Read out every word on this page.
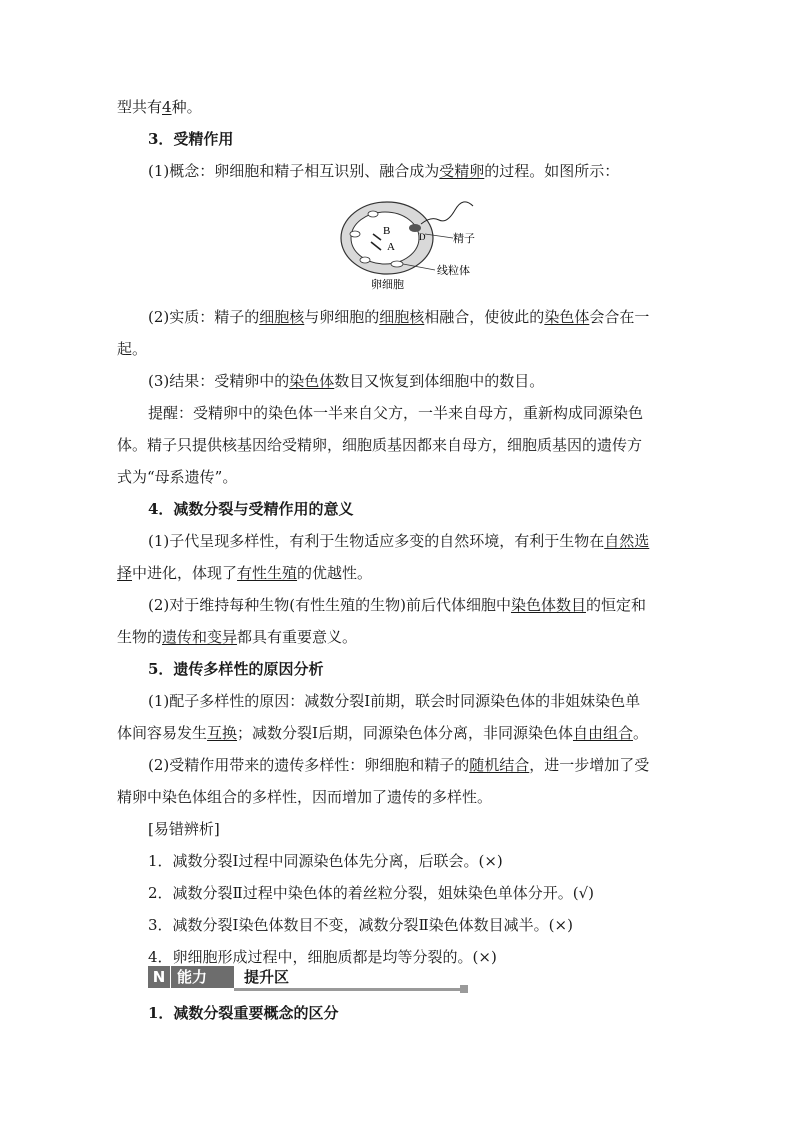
型共有4种。
3．受精作用
(1)概念：卵细胞和精子相互识别、融合成为受精卵的过程。如图所示：
B
A
D	精子
线粒体
卵细胞
(2)实质：精子的细胞核与卵细胞的细胞核相融合，使彼此的染色体会合在一
起。
(3)结果：受精卵中的染色体数目又恢复到体细胞中的数目。
提醒：受精卵中的染色体一半来自父方，一半来自母方，重新构成同源染色
体。精子只提供核基因给受精卵，细胞质基因都来自母方，细胞质基因的遗传方
式为“母系遗传”。
4．减数分裂与受精作用的意义
(1)子代呈现多样性，有利于生物适应多变的自然环境，有利于生物在自然选
择中进化，体现了有性生殖的优越性。
(2)对于维持每种生物(有性生殖的生物)前后代体细胞中染色体数目的恒定和
生物的遗传和变异都具有重要意义。
5．遗传多样性的原因分析
(1)配子多样性的原因：减数分裂Ⅰ前期，联会时同源染色体的非姐妹染色单
体间容易发生互换；减数分裂Ⅰ后期，同源染色体分离，非同源染色体自由组合。
(2)受精作用带来的遗传多样性：卵细胞和精子的随机结合，进一步增加了受
精卵中染色体组合的多样性，因而增加了遗传的多样性。
[易错辨析]
1．减数分裂Ⅰ过程中同源染色体先分离，后联会。(×)
2．减数分裂Ⅱ过程中染色体的着丝粒分裂，姐妹染色单体分开。(√)
3．减数分裂Ⅰ染色体数目不变，减数分裂Ⅱ染色体数目减半。(×)
4．卵细胞形成过程中，细胞质都是均等分裂的。(×)
N 能力	提升区
1．减数分裂重要概念的区分
